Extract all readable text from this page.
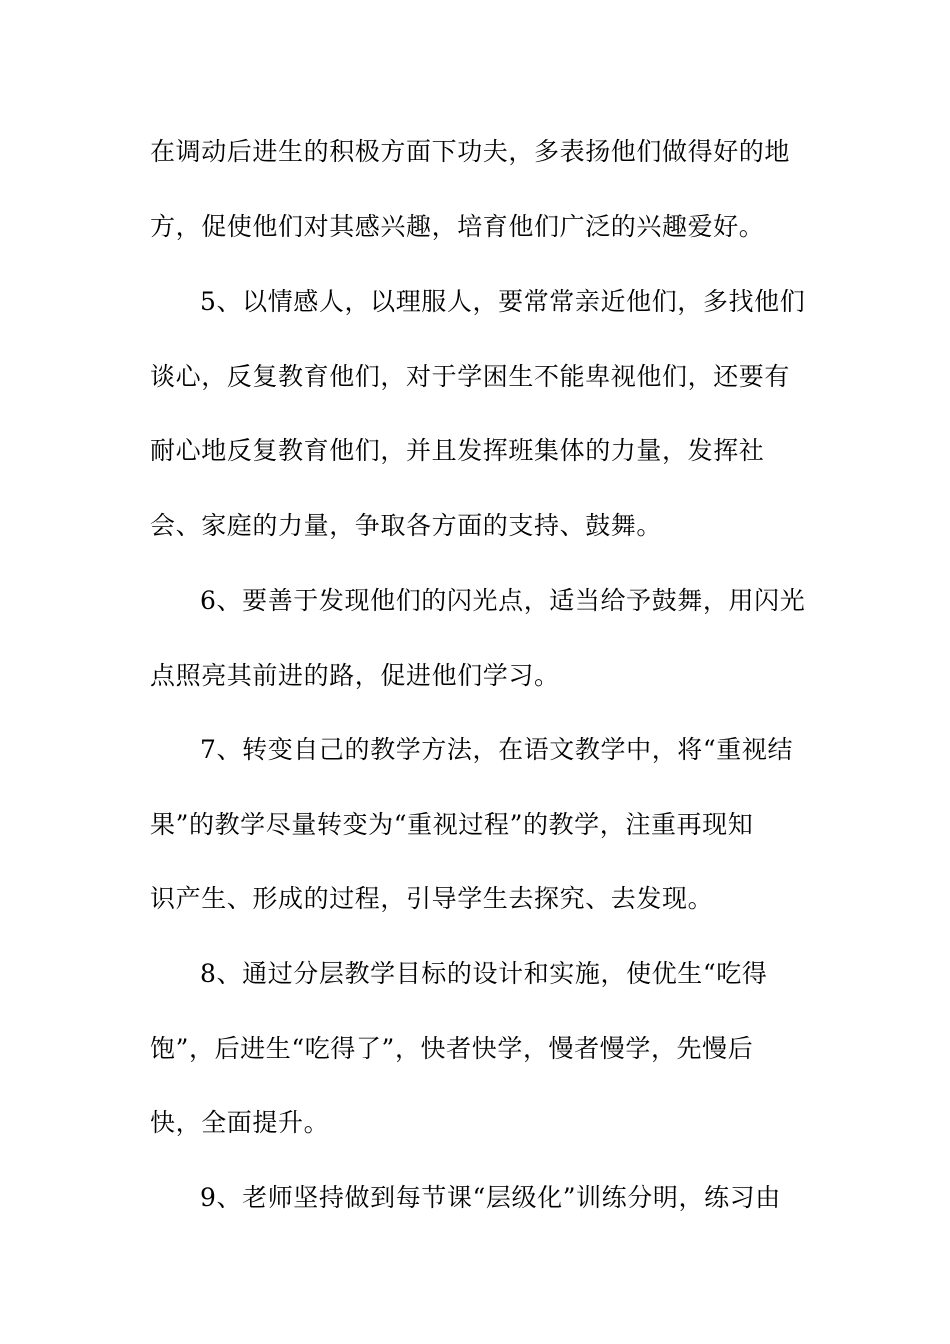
在调动后进生的积极方面下功夫，多表扬他们做得好的地
方，促使他们对其感兴趣，培育他们广泛的兴趣爱好。
5、以情感人，以理服人，要常常亲近他们，多找他们
谈心，反复教育他们，对于学困生不能卑视他们，还要有
耐心地反复教育他们，并且发挥班集体的力量，发挥社
会、家庭的力量，争取各方面的支持、鼓舞。
6、要善于发现他们的闪光点，适当给予鼓舞，用闪光
点照亮其前进的路，促进他们学习。
7、转变自己的教学方法，在语文教学中，将“重视结
果”的教学尽量转变为“重视过程”的教学，注重再现知
识产生、形成的过程，引导学生去探究、去发现。
8、通过分层教学目标的设计和实施，使优生“吃得
饱”，后进生“吃得了”，快者快学，慢者慢学，先慢后
快，全面提升。
9、老师坚持做到每节课“层级化”训练分明，练习由
